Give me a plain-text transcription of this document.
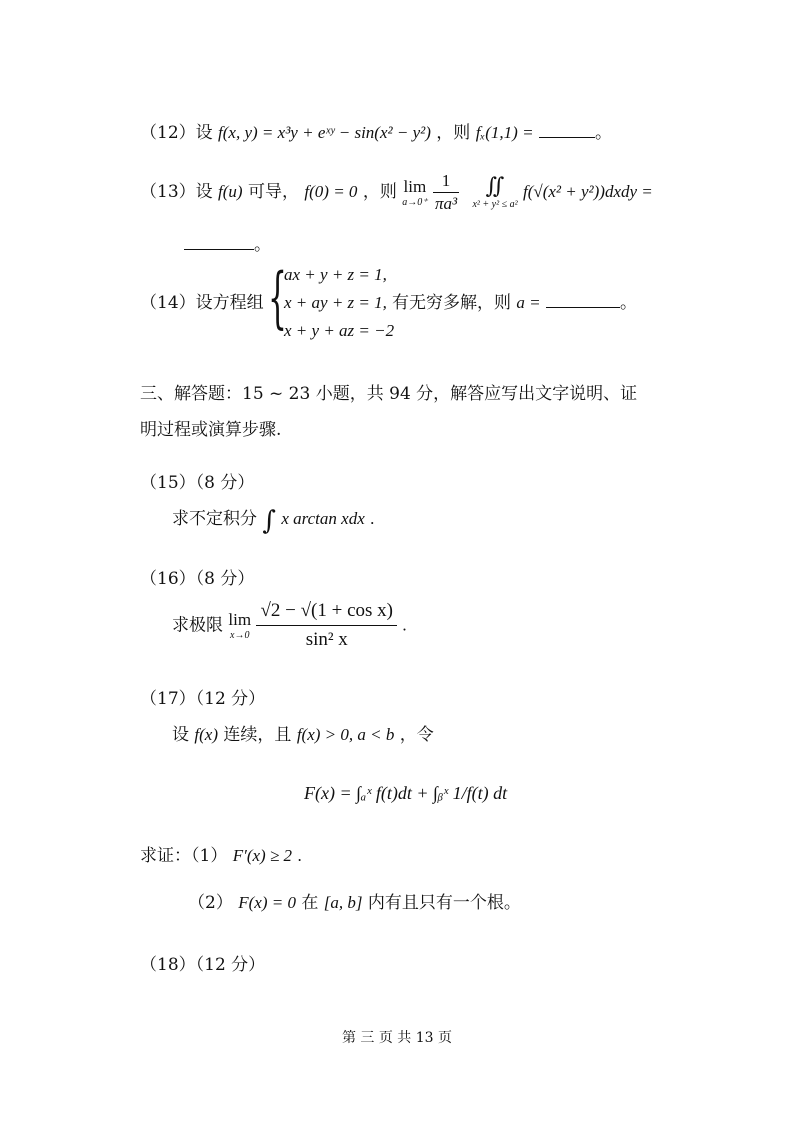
（12）设 f(x, y) = x³y + eˣʸ − sin(x² − y²) ，则 fₓ(1,1) =	。
（13）设 f(u) 可导， f(0) = 0 ，则 lim
a→0⁺
$\frac{1}{\text{πa³}}$ ∬
x² + y² ≤ a²
f(√(x² + y²))dxdy =
。
（14）设方程组 {
ax + y + z = 1,
x + ay + z = 1,
x + y + az = −2
有无穷多解，则 a =	。
三、解答题：15 ~ 23 小题，共 94 分，解答应写出文字说明、证
明过程或演算步骤.
（15）（8 分）
求不定积分 ∫ x arctan xdx .
（16）（8 分）
求极限 lim
x→0
$\frac{\text{√2 − √(1 + cos x)}}{\text{sin² x}}$ .
（17）（12 分）
设 f(x) 连续，且 f(x) > 0, a < b ，令
F(x) = ∫ₐˣ f(t)dt + ∫ᵦˣ 1/f(t) dt
求证：（1） F′(x) ≥ 2 .
（2） F(x) = 0 在 [a, b] 内有且只有一个根。
（18）（12 分）
第 三 页 共 13 页
